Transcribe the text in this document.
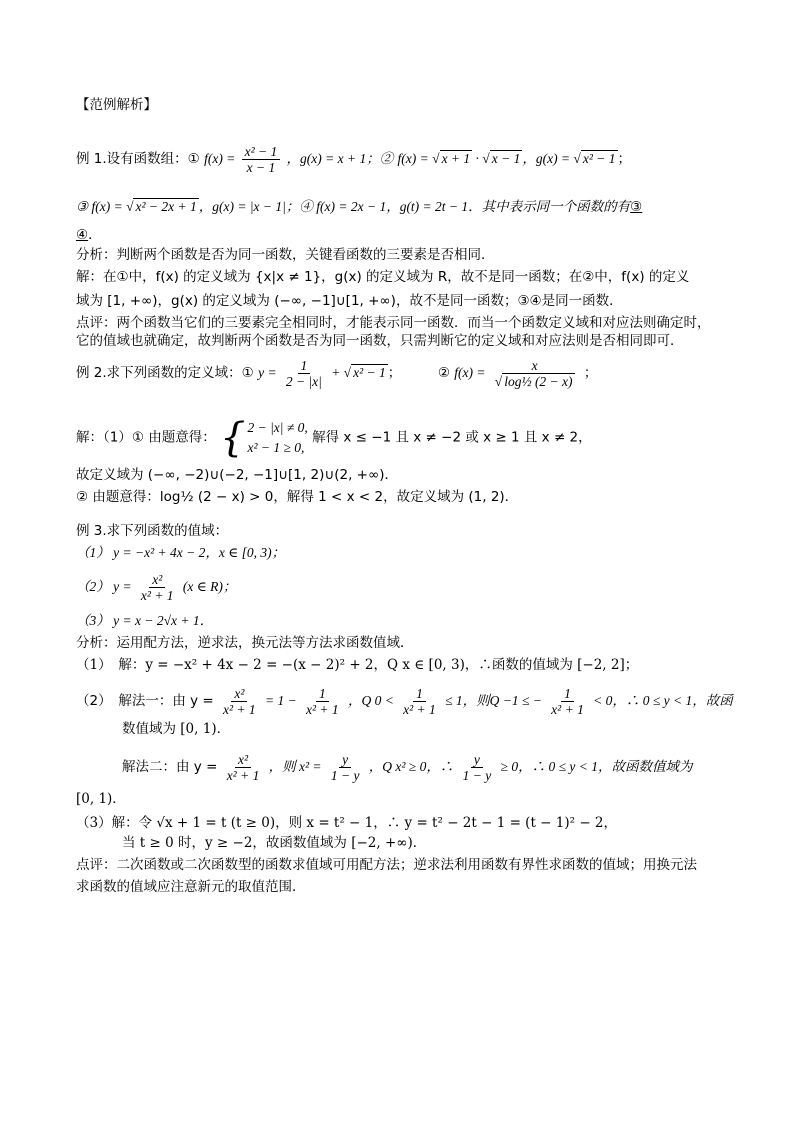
【范例解析】
例 1.设有函数组：① $f(x) = \frac{\text{x² − 1}}{x - 1}$ ，g(x) = x + 1；② f(x) = √ x + 1 · √ x − 1 ，g(x) = √ x² − 1 ；
③ f(x) = √ x² − 2x + 1 ，g(x) = |x − 1|；④ f(x) = 2x − 1，g(t) = 2t − 1．其中表示同一个函数的有③
④．
分析：判断两个函数是否为同一函数，关键看函数的三要素是否相同．
解：在①中，f(x) 的定义域为 {x|x ≠ 1}，g(x) 的定义域为 R，故不是同一函数；在②中，f(x) 的定义
域为 [1, +∞)，g(x) 的定义域为 (−∞, −1]∪[1, +∞)，故不是同一函数；③④是同一函数．
点评：两个函数当它们的三要素完全相同时，才能表示同一函数．而当一个函数定义域和对应法则确定时，
它的值域也就确定，故判断两个函数是否为同一函数，只需判断它的定义域和对应法则是否相同即可．
例 2.求下列函数的定义域：① $y = \frac{1}{2 - |x|}$ + √ x² − 1 ；	② $f(x) = \frac{x}{\text{√ log½ (2 − x)}}$ ；
解：（1）① 由题意得： { 2 − |x| ≠ 0,
x² − 1 ≥ 0,
解得 x ≤ −1 且 x ≠ −2 或 x ≥ 1 且 x ≠ 2，
故定义域为 (−∞, −2)∪(−2, −1]∪[1, 2)∪(2, +∞)．
② 由题意得：log½ (2 − x) > 0，解得 1 < x < 2，故定义域为 (1, 2)．
例 3.求下列函数的值域：
（1） y = −x² + 4x − 2，x ∈ [0, 3)；
（2） $y = \frac{\text{x²}}{\text{x² + 1}} (x$ ∈ R)；
（3） y = x − 2√x + 1．
分析：运用配方法，逆求法，换元法等方法求函数值域．
（1）　解：y = −x² + 4x − 2 = −(x − 2)² + 2，Q x ∈ [0, 3)，∴函数的值域为 [−2, 2]；
（2）　解法一：由 $y = \frac{\text{x²}}{\text{x² + 1}} = 1 - \frac{1}{\text{x² + 1}}$ ，Q $0 < \frac{1}{\text{x² + 1}} \le 1$，则Q −1 ≤ − $\frac{1}{\text{x² + 1}} < 0$，∴ 0 ≤ y < 1，故函
数值域为 [0, 1)．
解法二：由 $y = \frac{\text{x²}}{\text{x² + 1}}$ ，则 $x^2 = \frac{y}{1 - y}$ ，Q x² ≥ 0，∴ $\frac{y}{1 - y} \ge 0$，∴ 0 ≤ y < 1，故函数值域为
[0, 1)．
（3）解：令 √x + 1 = t (t ≥ 0)，则 x = t² − 1，∴ y = t² − 2t − 1 = (t − 1)² − 2，
当 t ≥ 0 时，y ≥ −2，故函数值域为 [−2, +∞)．
点评：二次函数或二次函数型的函数求值域可用配方法；逆求法利用函数有界性求函数的值域；用换元法
求函数的值域应注意新元的取值范围．
